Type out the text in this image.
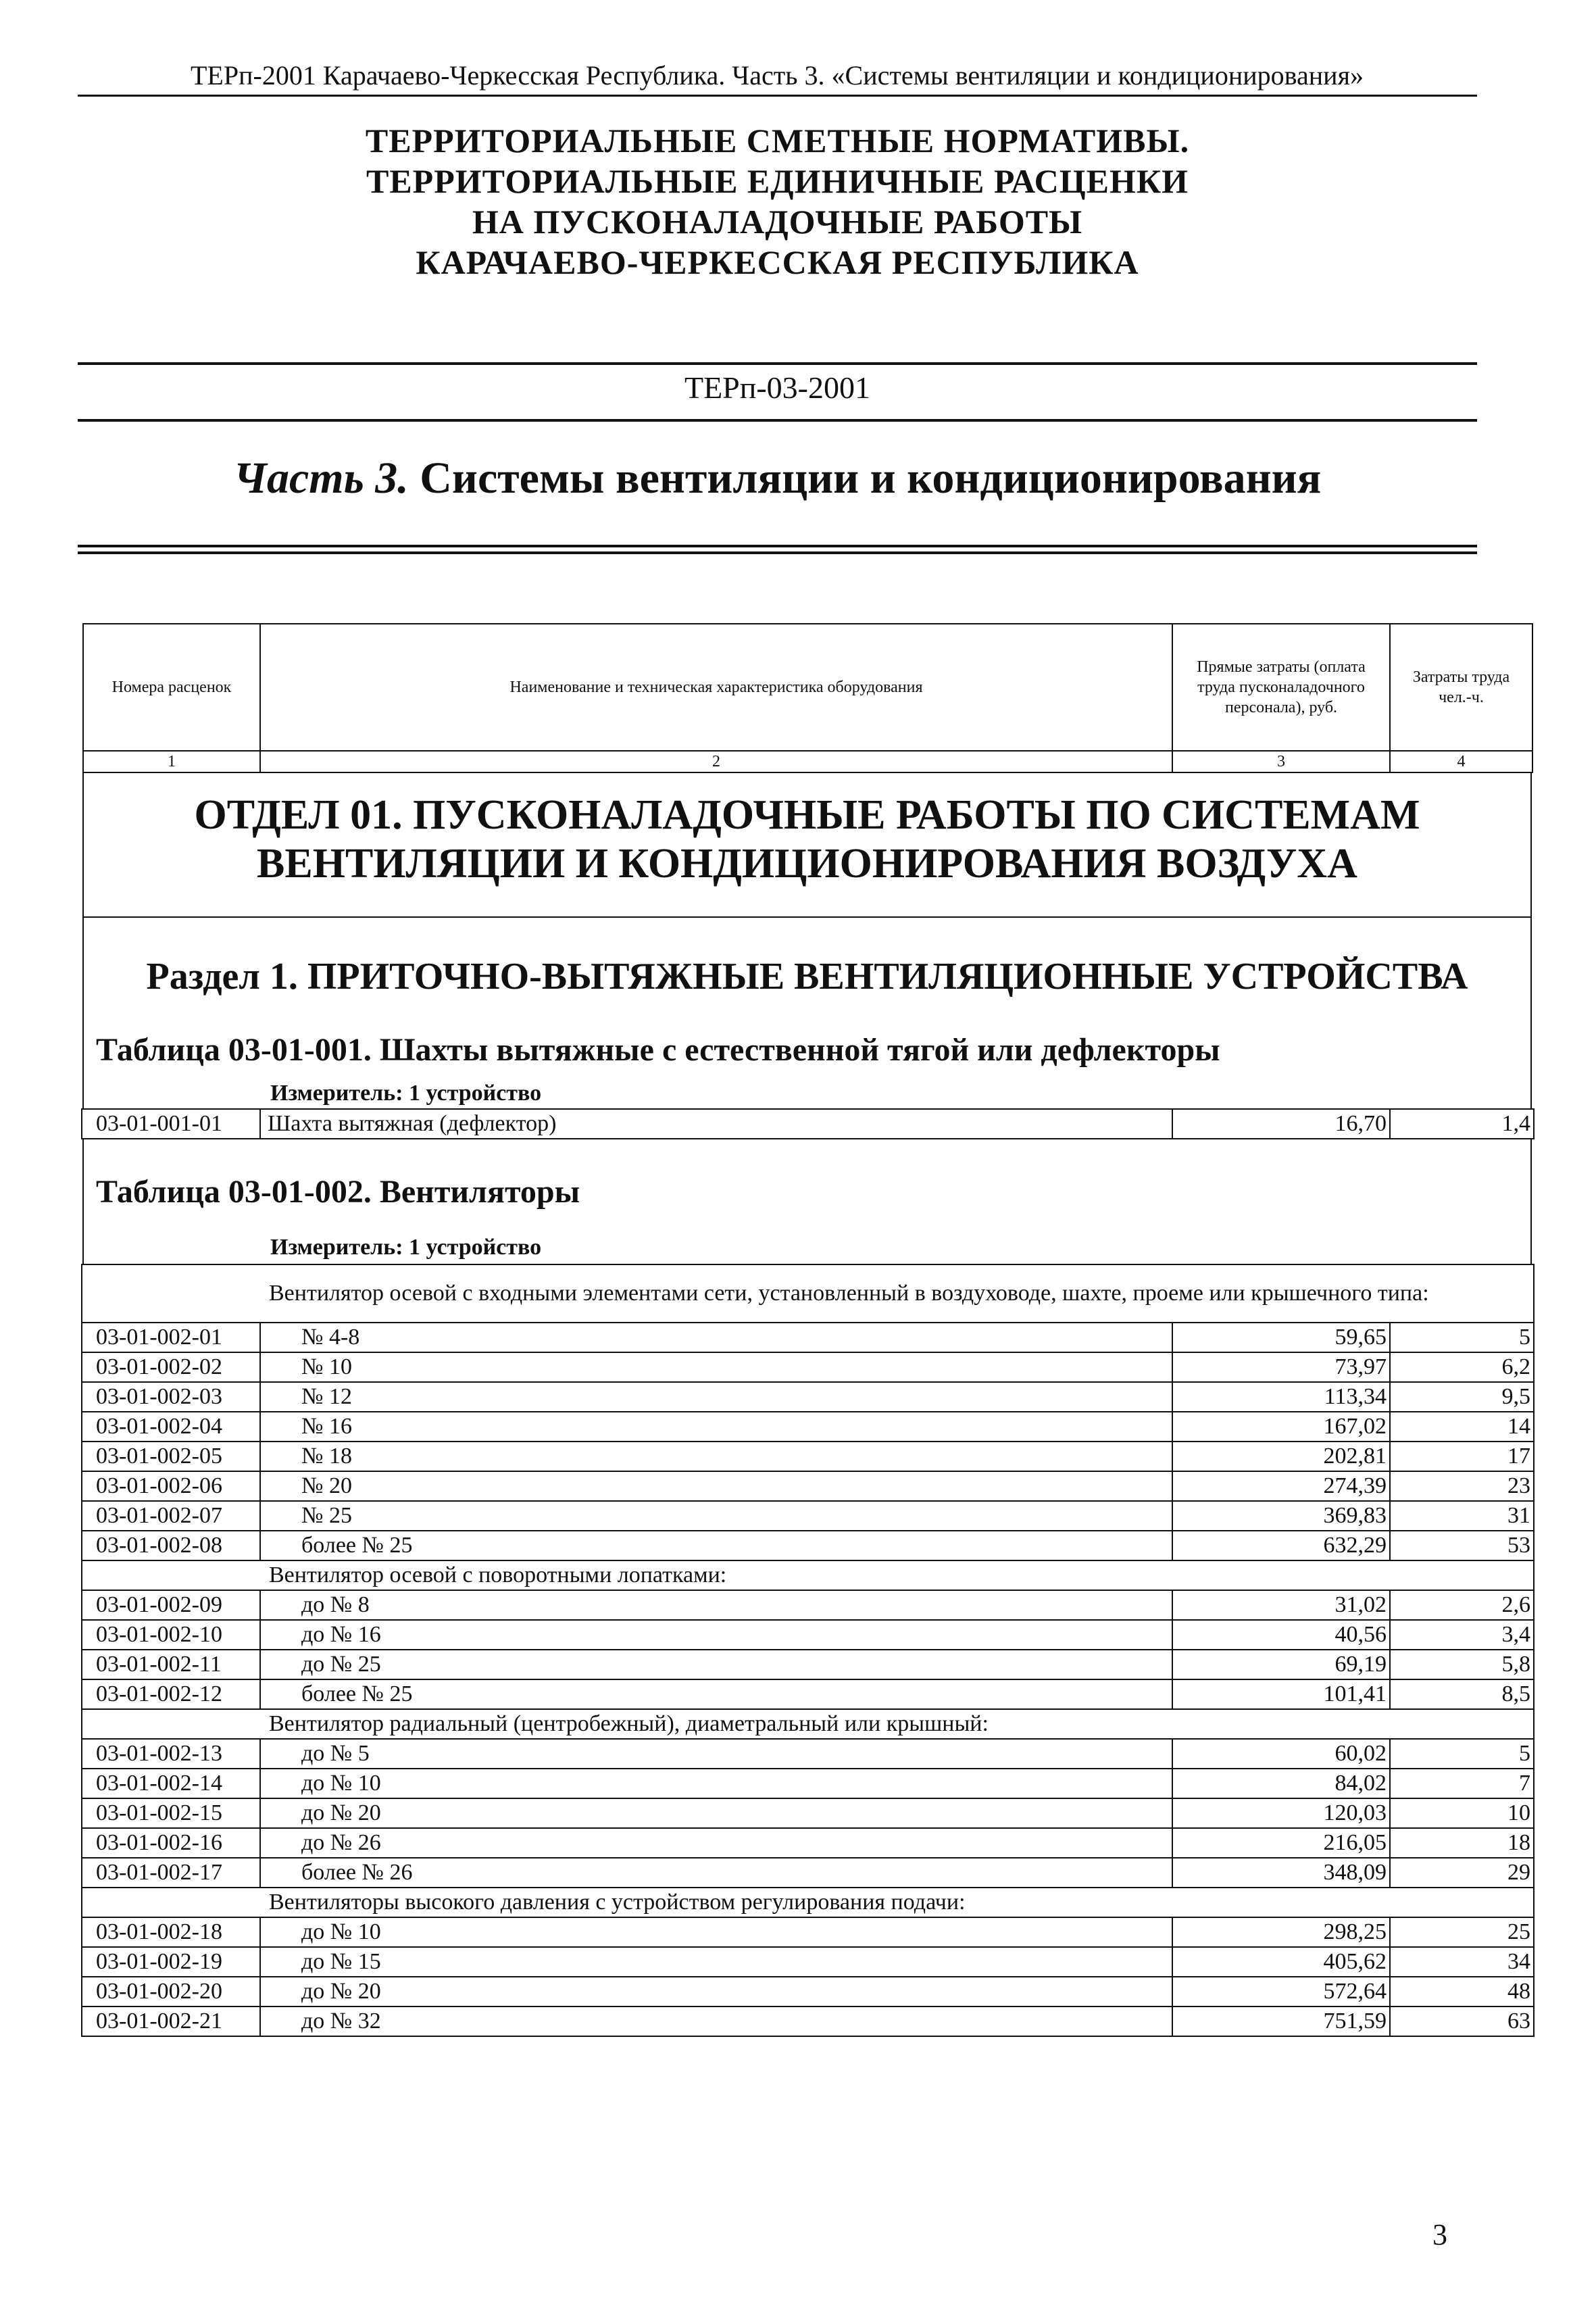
ТЕРп-2001 Карачаево-Черкесская Республика. Часть 3. «Системы вентиляции и кондиционирования»
ТЕРРИТОРИАЛЬНЫЕ СМЕТНЫЕ НОРМАТИВЫ.
ТЕРРИТОРИАЛЬНЫЕ ЕДИНИЧНЫЕ РАСЦЕНКИ
НА ПУСКОНАЛАДОЧНЫЕ РАБОТЫ
КАРАЧАЕВО-ЧЕРКЕССКАЯ РЕСПУБЛИКА
ТЕРп-03-2001
Часть 3. Системы вентиляции и кондиционирования
Номера расценок	Наименование и техническая характеристика оборудования	Прямые затраты (оплата труда пусконаладочного персонала), руб.	Затраты труда чел.-ч.
1	2	3	4
ОТДЕЛ 01. ПУСКОНАЛАДОЧНЫЕ РАБОТЫ ПО СИСТЕМАМ ВЕНТИЛЯЦИИ И КОНДИЦИОНИРОВАНИЯ ВОЗДУХА
Раздел 1. ПРИТОЧНО-ВЫТЯЖНЫЕ ВЕНТИЛЯЦИОННЫЕ УСТРОЙСТВА
Таблица 03-01-001. Шахты вытяжные с естественной тягой или дефлекторы
Измеритель: 1 устройство
03-01-001-01	Шахта вытяжная (дефлектор)	16,70	1,4
Таблица 03-01-002. Вентиляторы
Измеритель: 1 устройство
Вентилятор осевой с входными элементами сети, установленный в воздуховоде, шахте, проеме или крышечного типа:			
03-01-002-01	№ 4-8	59,65	5
03-01-002-02	№ 10	73,97	6,2
03-01-002-03	№ 12	113,34	9,5
03-01-002-04	№ 16	167,02	14
03-01-002-05	№ 18	202,81	17
03-01-002-06	№ 20	274,39	23
03-01-002-07	№ 25	369,83	31
03-01-002-08	более № 25	632,29	53
Вентилятор осевой с поворотными лопатками:			
03-01-002-09	до № 8	31,02	2,6
03-01-002-10	до № 16	40,56	3,4
03-01-002-11	до № 25	69,19	5,8
03-01-002-12	более № 25	101,41	8,5
Вентилятор радиальный (центробежный), диаметральный или крышный:			
03-01-002-13	до № 5	60,02	5
03-01-002-14	до № 10	84,02	7
03-01-002-15	до № 20	120,03	10
03-01-002-16	до № 26	216,05	18
03-01-002-17	более № 26	348,09	29
Вентиляторы высокого давления с устройством регулирования подачи:			
03-01-002-18	до № 10	298,25	25
03-01-002-19	до № 15	405,62	34
03-01-002-20	до № 20	572,64	48
03-01-002-21	до № 32	751,59	63
3
